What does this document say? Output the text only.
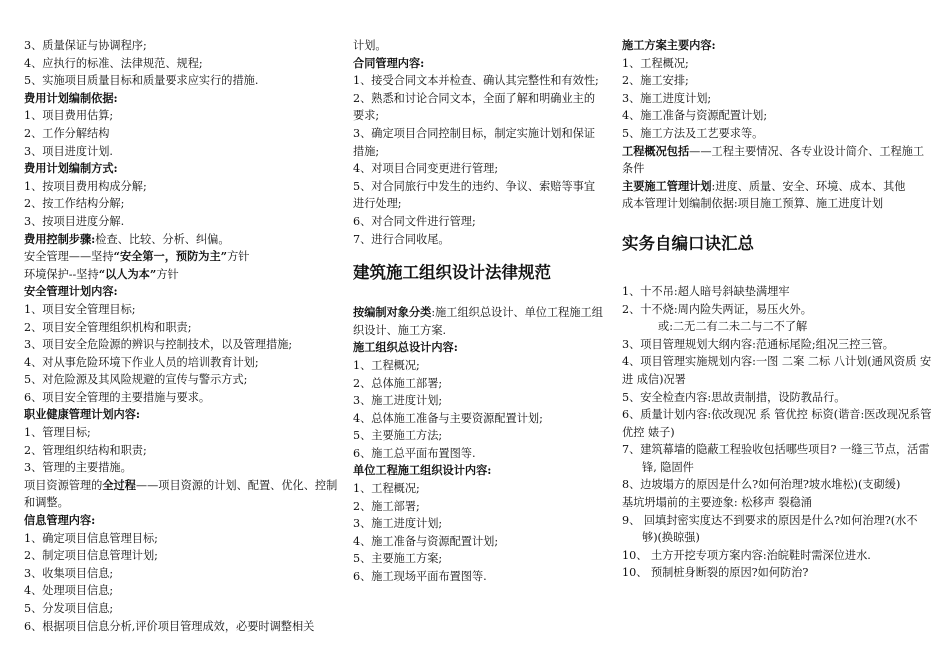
3、质量保证与协调程序;
4、应执行的标准、法律规范、规程;
5、实施项目质量目标和质量要求应实行的措施.
费用计划编制依据:
1、项目费用估算;
2、工作分解结构
3、项目进度计划.
费用计划编制方式:
1、按项目费用构成分解;
2、按工作结构分解;
3、按项目进度分解.
费用控制步骤:检查、比较、分析、纠偏。
安全管理——坚持“安全第一，预防为主”方针
环境保护--坚持“以人为本”方针
安全管理计划内容:
1、项目安全管理目标;
2、项目安全管理组织机构和职责;
3、项目安全危险源的辨识与控制技术，以及管理措施;
4、对从事危险环境下作业人员的培训教育计划;
5、对危险源及其风险规避的宣传与警示方式;
6、项目安全管理的主要措施与要求。
职业健康管理计划内容:
1、管理目标;
2、管理组织结构和职责;
3、管理的主要措施。
项目资源管理的全过程——项目资源的计划、配置、优化、控制和调整。
信息管理内容:
1、确定项目信息管理目标;
2、制定项目信息管理计划;
3、收集项目信息;
4、处理项目信息;
5、分发项目信息;
6、根据项目信息分析,评价项目管理成效，必要时调整相关
计划。
合同管理内容:
1、接受合同文本并检查、确认其完整性和有效性;
2、熟悉和讨论合同文本，全面了解和明确业主的要求;
3、确定项目合同控制目标，制定实施计划和保证措施;
4、对项目合同变更进行管理;
5、对合同旅行中发生的违约、争议、索赔等事宜进行处理;
6、对合同文件进行管理;
7、进行合同收尾。
建筑施工组织设计法律规范
按编制对象分类:施工组织总设计、单位工程施工组织设计、施工方案.
施工组织总设计内容:
1、工程概况;
2、总体施工部署;
3、施工进度计划;
4、总体施工准备与主要资源配置计划;
5、主要施工方法;
6、施工总平面布置图等.
单位工程施工组织设计内容:
1、工程概况;
2、施工部署;
3、施工进度计划;
4、施工准备与资源配置计划;
5、主要施工方案;
6、施工现场平面布置图等.
施工方案主要内容:
1、工程概况;
2、施工安排;
3、施工进度计划;
4、施工准备与资源配置计划;
5、施工方法及工艺要求等。
工程概况包括——工程主要情况、各专业设计简介、工程施工条件
主要施工管理计划:进度、质量、安全、环境、成本、其他
成本管理计划编制依据:项目施工预算、施工进度计划
实务自编口诀汇总
1、十不吊:超人暗号斜缺垫满埋牢
2、十不烧:周内险失两证，易压火外。
或:二无二有二未二与二不了解
3、项目管理规划大纲内容:范通标尾险;组况三控三管。
4、项目管理实施规划内容:一图 二案 二标 八计划(通风资质 安进 成信)况署
5、安全检查内容:思故责制措，设防教品行。
6、质量计划内容:依改现况 系 管优控 标资(谐音:医改现况系管优控 婊子)
7、建筑幕墙的隐蔽工程验收包括哪些项目? 一缝三节点，活雷锋, 隐固件
8、边坡塌方的原因是什么?如何治理?坡水堆松)(支砌缓)
基坑坍塌前的主要迹象: 松移声 裂稳涌
9、 回填封密实度达不到要求的原因是什么?如何治理?(水不够)(换晾强)
10、 土方开挖专项方案内容:治皖鞋时需深位进水.
10、 预制桩身断裂的原因?如何防治?
